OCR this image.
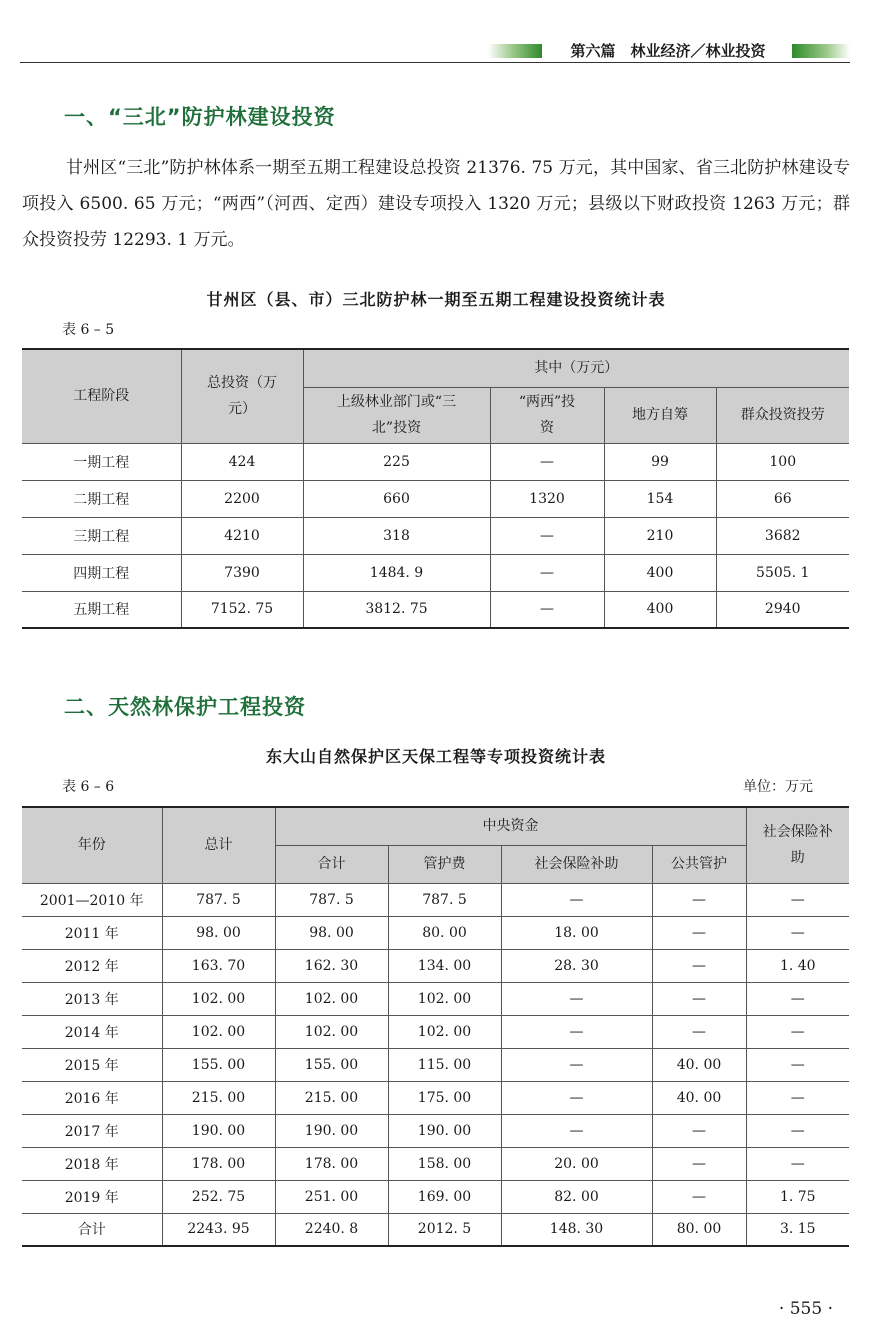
第六篇　林业经济／林业投资
一、“三北”防护林建设投资

甘州区“三北”防护林体系一期至五期工程建设总投资 21376. 75 万元，其中国家、省三北防护林建设专项投入 6500. 65 万元；“两西”（河西、定西）建设专项投入 1320 万元；县级以下财政投资 1263 万元；群众投资投劳 12293. 1 万元。

甘州区（县、市）三北防护林一期至五期工程建设投资统计表

表 6 – 5
工程阶段	总投资（万元）	其中（万元）			
		上级林业部门或“三北”投资	“两西”投资	地方自筹	群众投资投劳
一期工程	424	225	—	99	100
二期工程	2200	660	1320	154	66
三期工程	4210	318	—	210	3682
四期工程	7390	1484. 9	—	400	5505. 1
五期工程	7152. 75	3812. 75	—	400	2940
二、天然林保护工程投资

东大山自然保护区天保工程等专项投资统计表

表 6 – 6	单位：万元
年份	总计	中央资金				社会保险补助
		合计	管护费	社会保险补助	公共管护	
2001—2010 年	787. 5	787. 5	787. 5	—	—	—
2011 年	98. 00	98. 00	80. 00	18. 00	—	—
2012 年	163. 70	162. 30	134. 00	28. 30	—	1. 40
2013 年	102. 00	102. 00	102. 00	—	—	—
2014 年	102. 00	102. 00	102. 00	—	—	—
2015 年	155. 00	155. 00	115. 00	—	40. 00	—
2016 年	215. 00	215. 00	175. 00	—	40. 00	—
2017 年	190. 00	190. 00	190. 00	—	—	—
2018 年	178. 00	178. 00	158. 00	20. 00	—	—
2019 年	252. 75	251. 00	169. 00	82. 00	—	1. 75
合计	2243. 95	2240. 8	2012. 5	148. 30	80. 00	3. 15
· 555 ·
